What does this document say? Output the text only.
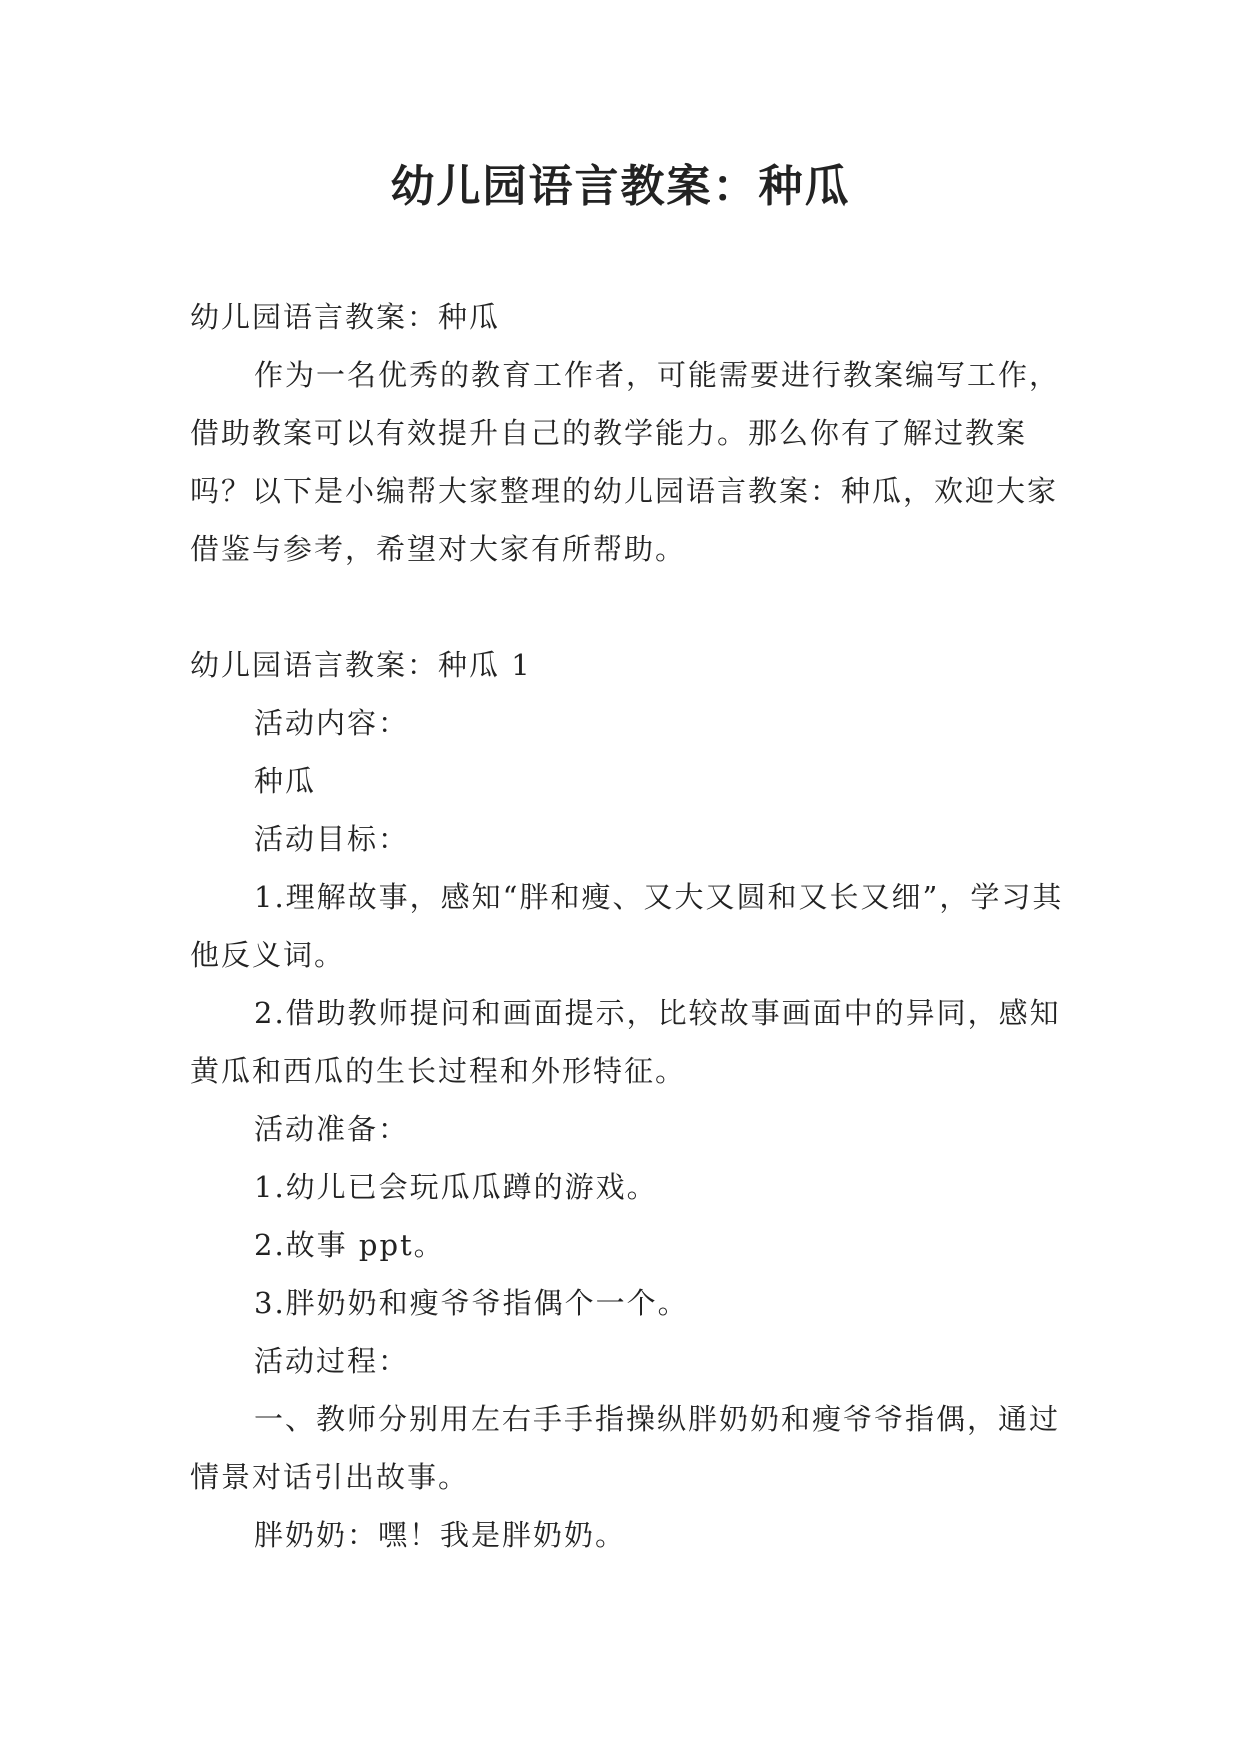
幼儿园语言教案：种瓜

幼儿园语言教案：种瓜

作为一名优秀的教育工作者，可能需要进行教案编写工作，借助教案可以有效提升自己的教学能力。那么你有了解过教案吗？以下是小编帮大家整理的幼儿园语言教案：种瓜，欢迎大家借鉴与参考，希望对大家有所帮助。

幼儿园语言教案：种瓜 1

活动内容：

种瓜

活动目标：

1.理解故事，感知“胖和瘦、又大又圆和又长又细”，学习其他反义词。

2.借助教师提问和画面提示，比较故事画面中的异同，感知黄瓜和西瓜的生长过程和外形特征。

活动准备：

1.幼儿已会玩瓜瓜蹲的游戏。

2.故事 ppt。

3.胖奶奶和瘦爷爷指偶个一个。

活动过程：

一、教师分别用左右手手指操纵胖奶奶和瘦爷爷指偶，通过情景对话引出故事。

胖奶奶：嘿！我是胖奶奶。
